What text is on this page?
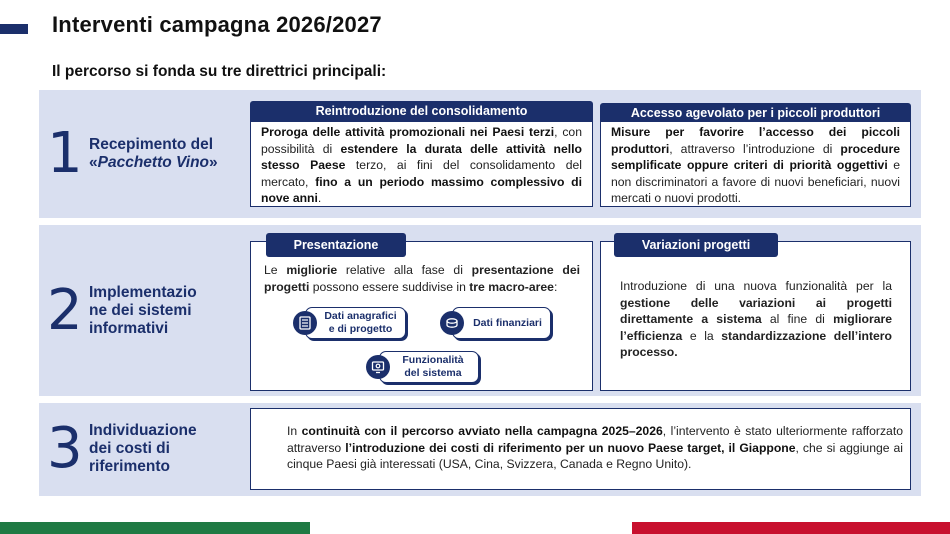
Interventi campagna 2026/2027
Il percorso si fonda su tre direttrici principali:
1 Recepimento del
«Pacchetto Vino»
Reintroduzione del consolidamento
Proroga delle attività promozionali nei Paesi terzi, con possibilità di estendere la durata delle attività nello stesso Paese terzo, ai fini del consolidamento del mercato, fino a un periodo massimo complessivo di nove anni.
Accesso agevolato per i piccoli produttori
Misure per favorire l’accesso dei piccoli produttori, attraverso l’introduzione di procedure semplificate oppure criteri di priorità oggettivi e non discriminatori a favore di nuovi beneficiari, nuovi mercati o nuovi prodotti.
2 Implementazio
ne dei sistemi
informativi
Presentazione
Le migliorie relative alla fase di presentazione dei progetti possono essere suddivise in tre macro-aree:
Dati anagrafici
e di progetto
Dati finanziari
Funzionalità
del sistema
Variazioni progetti
Introduzione di una nuova funzionalità per la gestione delle variazioni ai progetti direttamente a sistema al fine di migliorare l’efficienza e la standardizzazione dell’intero processo.
3 Individuazione
dei costi di
riferimento
In continuità con il percorso avviato nella campagna 2025–2026, l’intervento è stato ulteriormente rafforzato attraverso l’introduzione dei costi di riferimento per un nuovo Paese target, il Giappone, che si aggiunge ai cinque Paesi già interessati (USA, Cina, Svizzera, Canada e Regno Unito).
